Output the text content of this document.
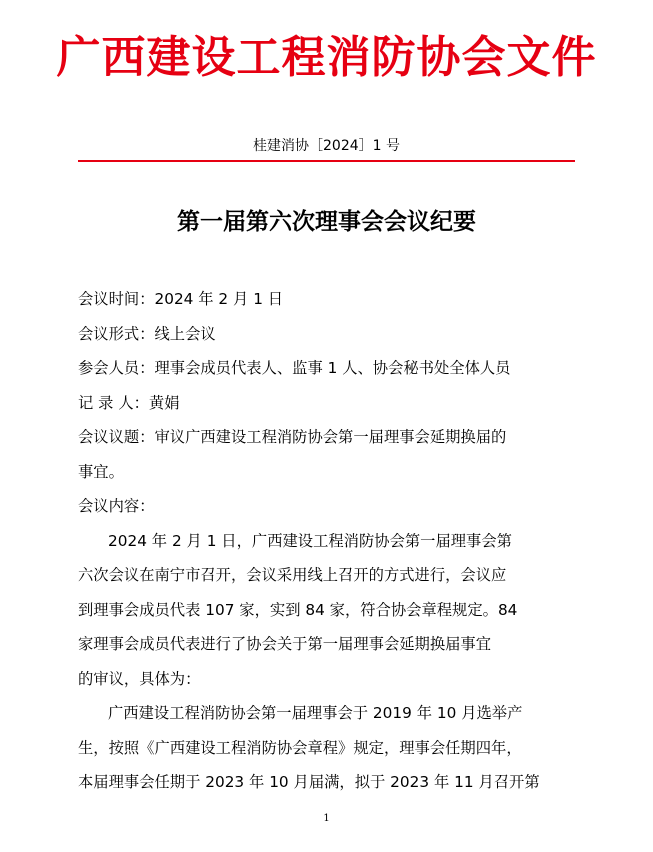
广西建设工程消防协会文件
桂建消协［2024］1 号
第一届第六次理事会会议纪要
会议时间：2024 年 2 月 1 日
会议形式：线上会议
参会人员：理事会成员代表人、监事 1 人、协会秘书处全体人员
记 录 人：黄娟
会议议题：审议广西建设工程消防协会第一届理事会延期换届的
事宜。
会议内容：
2024 年 2 月 1 日，广西建设工程消防协会第一届理事会第
六次会议在南宁市召开，会议采用线上召开的方式进行，会议应
到理事会成员代表 107 家，实到 84 家，符合协会章程规定。84
家理事会成员代表进行了协会关于第一届理事会延期换届事宜
的审议，具体为：
广西建设工程消防协会第一届理事会于 2019 年 10 月选举产
生，按照《广西建设工程消防协会章程》规定，理事会任期四年，
本届理事会任期于 2023 年 10 月届满，拟于 2023 年 11 月召开第
1
